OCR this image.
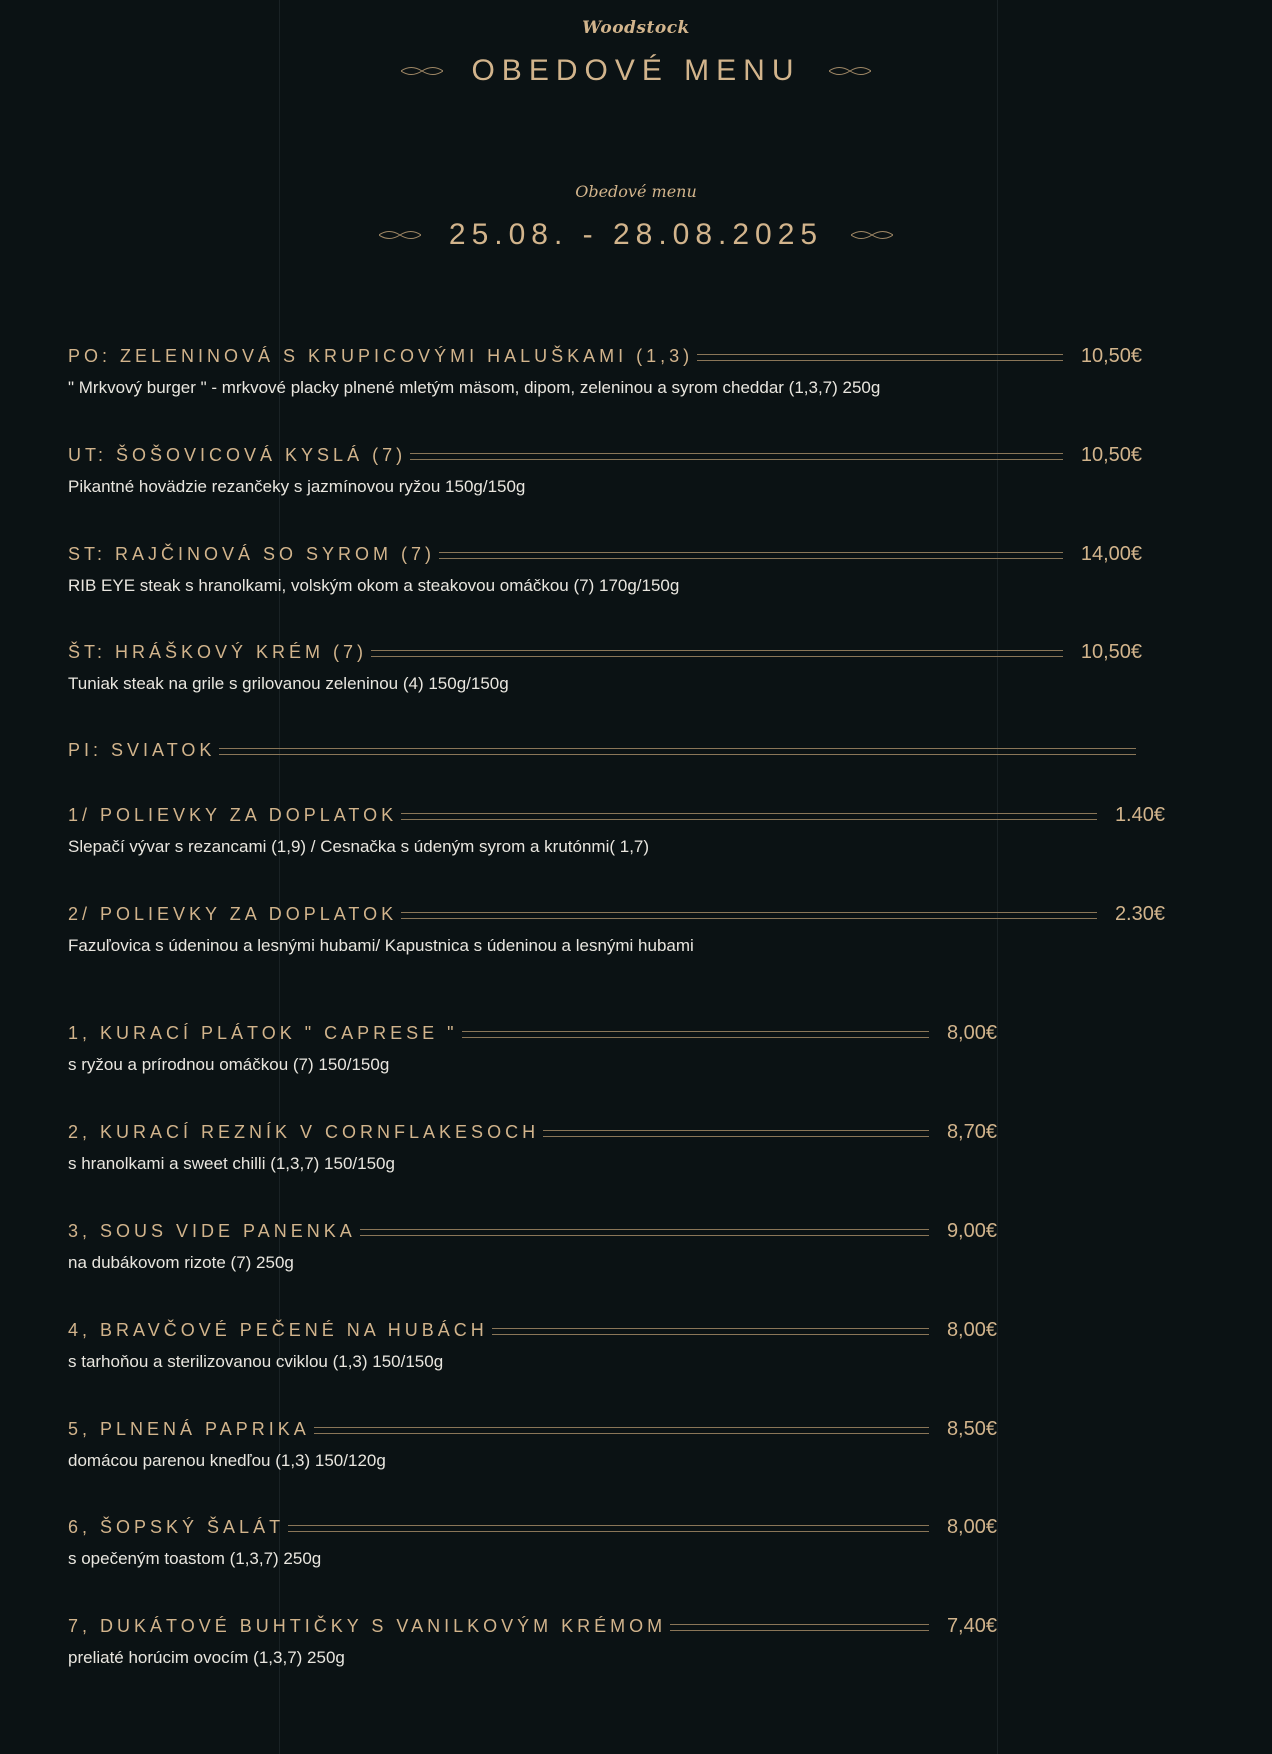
Woodstock
OBEDOVÉ MENU
Obedové menu
25.08. - 28.08.2025
PO: ZELENINOVÁ S KRUPICOVÝMI HALUŠKAMI (1,3)	10,50€
" Mrkvový burger " - mrkvové placky plnené mletým mäsom, dipom, zeleninou a syrom cheddar (1,3,7) 250g
UT: ŠOŠOVICOVÁ KYSLÁ (7)	10,50€
Pikantné hovädzie rezančeky s jazmínovou ryžou 150g/150g
ST: RAJČINOVÁ SO SYROM (7)	14,00€
RIB EYE steak s hranolkami, volským okom a steakovou omáčkou (7) 170g/150g
ŠT: HRÁŠKOVÝ KRÉM (7)	10,50€
Tuniak steak na grile s grilovanou zeleninou (4) 150g/150g
PI: SVIATOK
1/ POLIEVKY ZA DOPLATOK	1.40€
Slepačí vývar s rezancami (1,9) / Cesnačka s údeným syrom a krutónmi( 1,7)
2/ POLIEVKY ZA DOPLATOK	2.30€
Fazuľovica s údeninou a lesnými hubami/ Kapustnica s údeninou a lesnými hubami
1, KURACÍ PLÁTOK " CAPRESE "	8,00€
s ryžou a prírodnou omáčkou (7) 150/150g
2, KURACÍ REZNÍK V CORNFLAKESOCH	8,70€
s hranolkami a sweet chilli (1,3,7) 150/150g
3, SOUS VIDE PANENKA	9,00€
na dubákovom rizote (7) 250g
4, BRAVČOVÉ PEČENÉ NA HUBÁCH	8,00€
s tarhoňou a sterilizovanou cviklou (1,3) 150/150g
5, PLNENÁ PAPRIKA	8,50€
domácou parenou knedľou (1,3) 150/120g
6, ŠOPSKÝ ŠALÁT	8,00€
s opečeným toastom (1,3,7) 250g
7, DUKÁTOVÉ BUHTIČKY S VANILKOVÝM KRÉMOM	7,40€
preliaté horúcim ovocím (1,3,7) 250g
